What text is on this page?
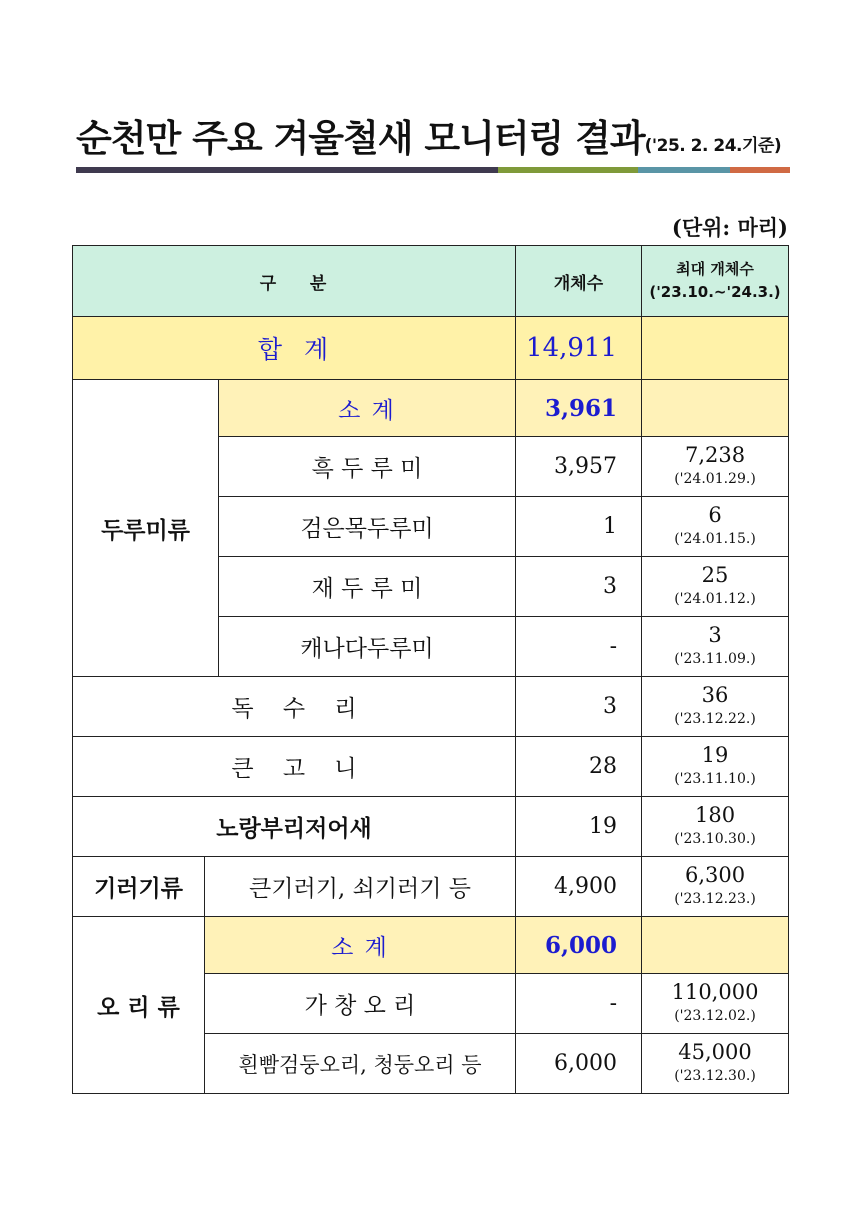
순천만 주요 겨울철새 모니터링 결과('25. 2. 24.기준)
(단위: 마리)
구    분			개체수	최대 개체수
('23.10.~'24.3.)
합  계			14,911	
두루미류		소 계	3,961	
		흑 두 루 미	3,957	7,238
('24.01.29.)

		검은목두루미	1	6
('24.01.15.)

		재 두 루 미	3	25
('24.01.12.)

		캐나다두루미	-	3
('23.11.09.)

독    수    리			3	36
('23.12.22.)

큰    고    니			28	19
('23.11.10.)

노랑부리저어새			19	180
('23.10.30.)

기러기류	큰기러기, 쇠기러기 등		4,900	6,300
('23.12.23.)

오 리 류	소 계		6,000	
	가 창 오 리		-	110,000
('23.12.02.)

	흰빰검둥오리, 청둥오리 등		6,000	45,000
('23.12.30.)
